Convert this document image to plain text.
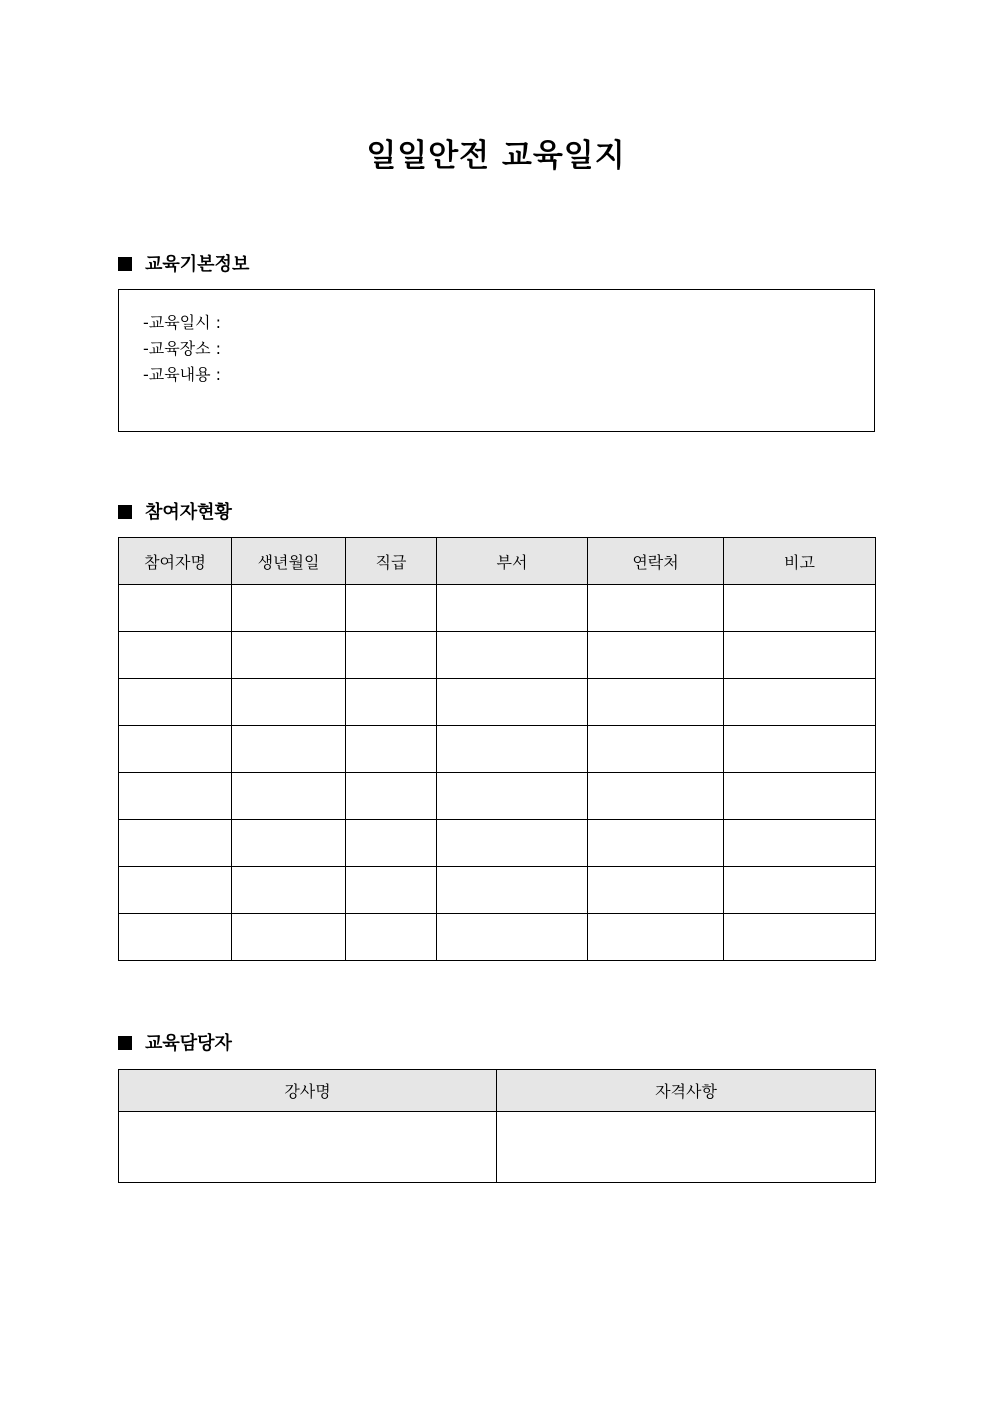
일일안전 교육일지
교육기본정보
-교육일시 :
-교육장소 :
-교육내용 :
참여자현황
참여자명	생년월일	직급	부서	연락처	비고

교육담당자
강사명	자격사항
